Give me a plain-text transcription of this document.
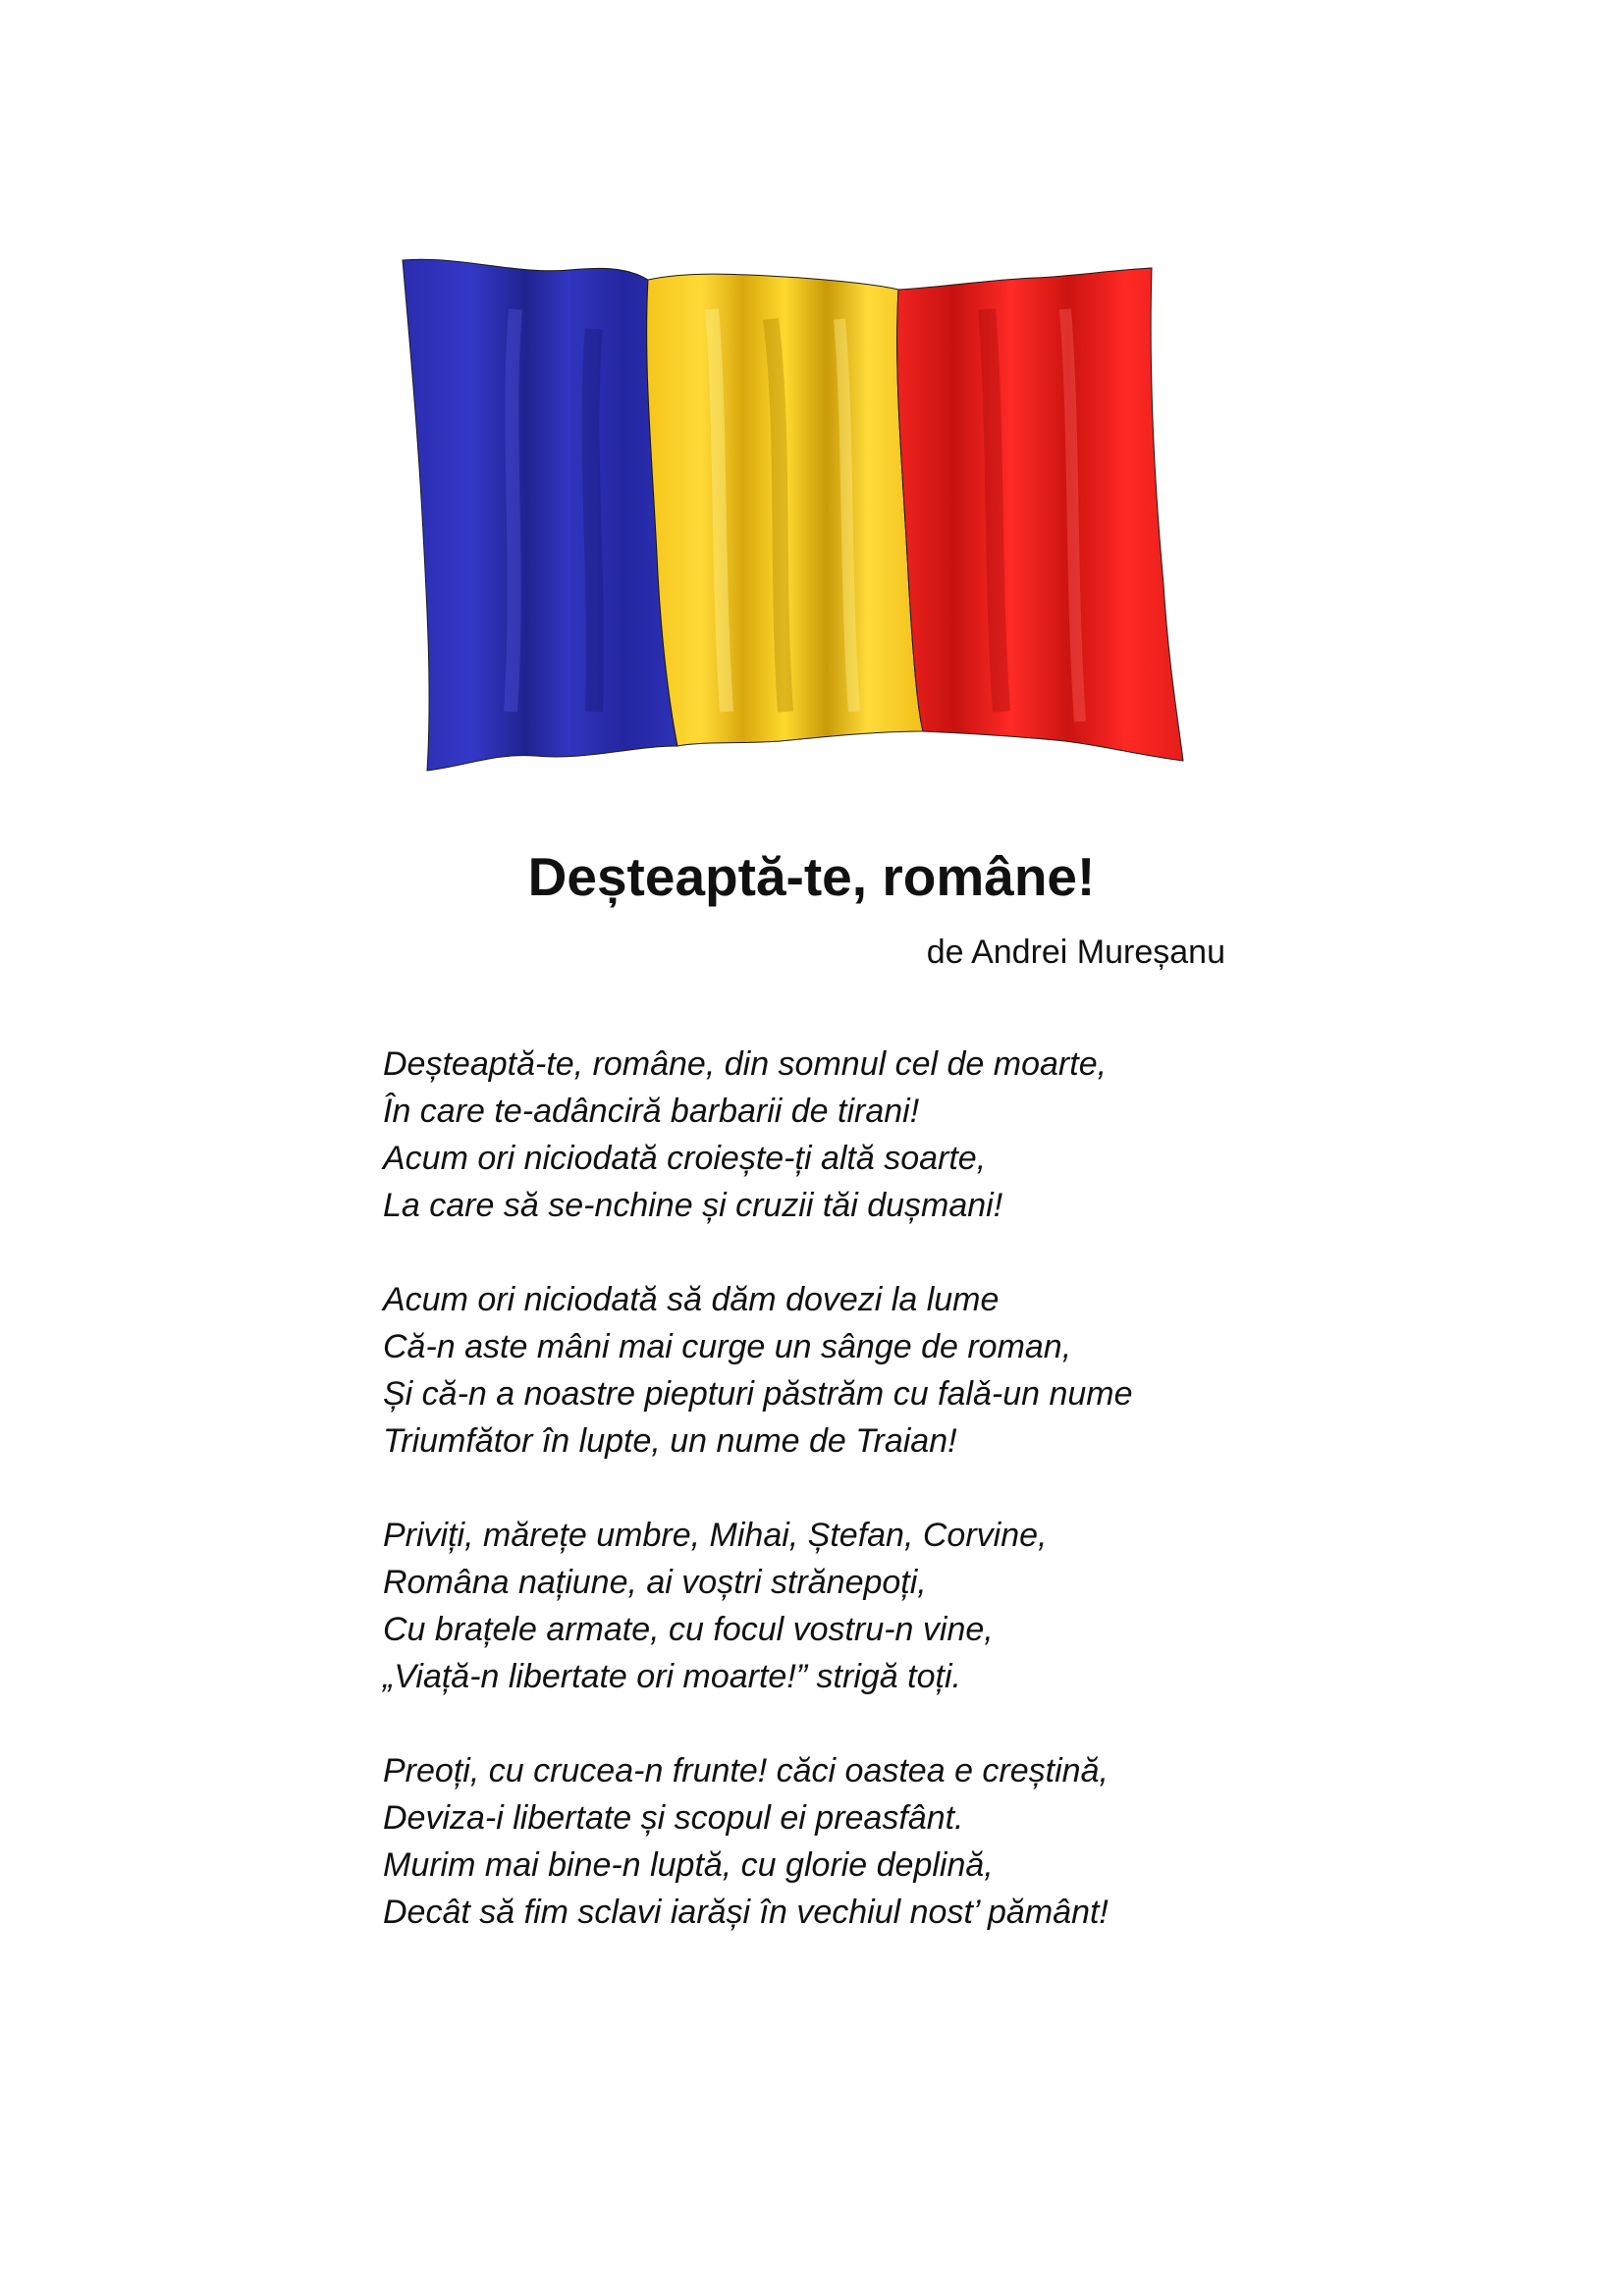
Deșteaptă-te, române!
de Andrei Mureșanu
Deșteaptă-te, române, din somnul cel de moarte,
În care te-adânciră barbarii de tirani!
Acum ori niciodată croiește-ți altă soarte,
La care să se-nchine și cruzii tăi dușmani!
Acum ori niciodată să dăm dovezi la lume
Că-n aste mâni mai curge un sânge de roman,
Și că-n a noastre piepturi păstrăm cu falǎ-un nume
Triumfător în lupte, un nume de Traian!
Priviți, mărețe umbre, Mihai, Ștefan, Corvine,
Româna națiune, ai voștri strănepoți,
Cu brațele armate, cu focul vostru-n vine,
„Viață-n libertate ori moarte!” strigă toți.
Preoți, cu crucea-n frunte! căci oastea e creștină,
Deviza-i libertate și scopul ei preasfânt.
Murim mai bine-n luptă, cu glorie deplină,
Decât să fim sclavi iarăși în vechiul nost’ pământ!
